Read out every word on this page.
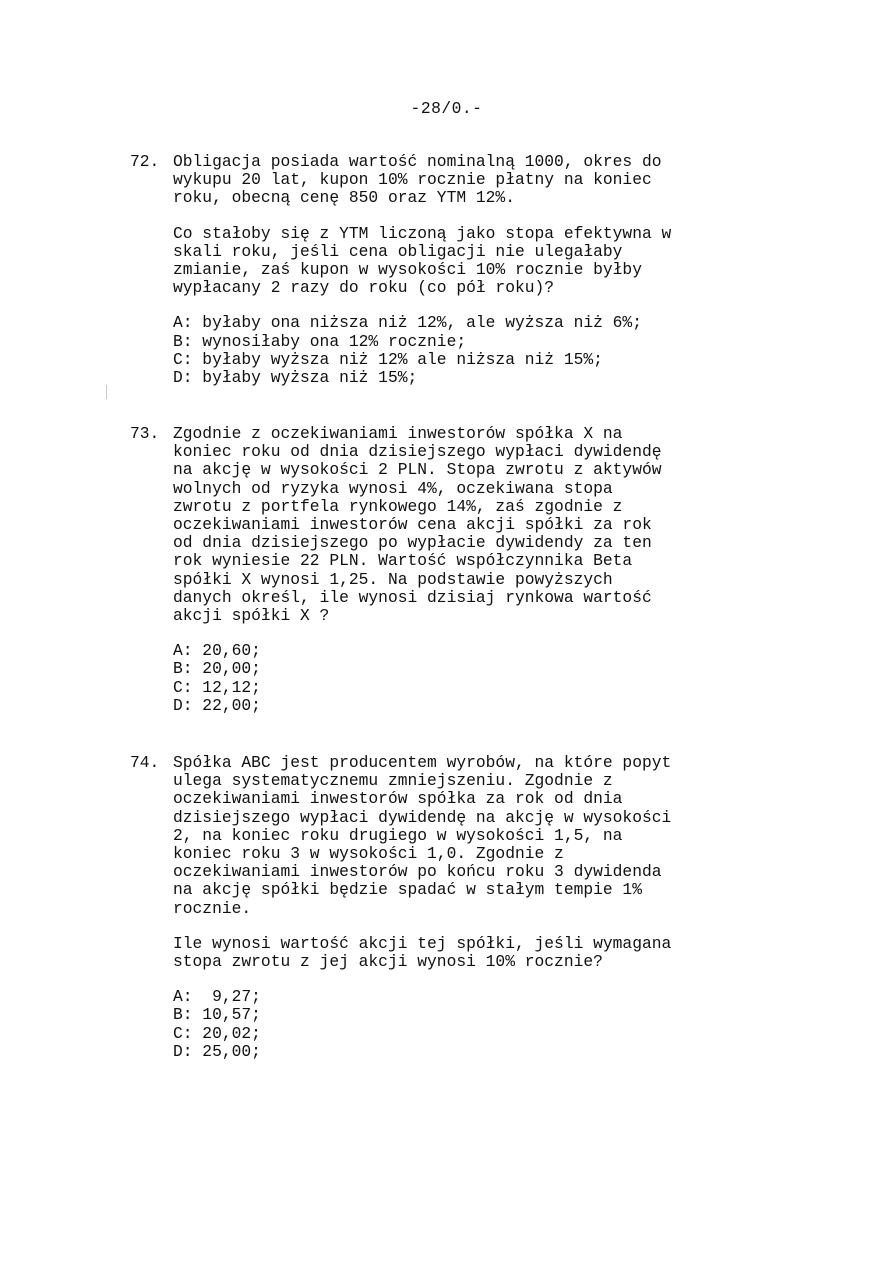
-28/0.-
72. Obligacja posiada wartość nominalną 1000, okres do
wykupu 20 lat, kupon 10% rocznie płatny na koniec
roku, obecną cenę 850 oraz YTM 12%.

Co stałoby się z YTM liczoną jako stopa efektywna w
skali roku, jeśli cena obligacji nie ulegałaby
zmianie, zaś kupon w wysokości 10% rocznie byłby
wypłacany 2 razy do roku (co pół roku)?

A: byłaby ona niższa niż 12%, ale wyższa niż 6%;
B: wynosiłaby ona 12% rocznie;
C: byłaby wyższa niż 12% ale niższa niż 15%;
D: byłaby wyższa niż 15%;
73. Zgodnie z oczekiwaniami inwestorów spółka X na
koniec roku od dnia dzisiejszego wypłaci dywidendę
na akcję w wysokości 2 PLN. Stopa zwrotu z aktywów
wolnych od ryzyka wynosi 4%, oczekiwana stopa
zwrotu z portfela rynkowego 14%, zaś zgodnie z
oczekiwaniami inwestorów cena akcji spółki za rok
od dnia dzisiejszego po wypłacie dywidendy za ten
rok wyniesie 22 PLN. Wartość współczynnika Beta
spółki X wynosi 1,25. Na podstawie powyższych
danych określ, ile wynosi dzisiaj rynkowa wartość
akcji spółki X ?

A: 20,60;
B: 20,00;
C: 12,12;
D: 22,00;
74. Spółka ABC jest producentem wyrobów, na które popyt
ulega systematycznemu zmniejszeniu. Zgodnie z
oczekiwaniami inwestorów spółka za rok od dnia
dzisiejszego wypłaci dywidendę na akcję w wysokości
2, na koniec roku drugiego w wysokości 1,5, na
koniec roku 3 w wysokości 1,0. Zgodnie z
oczekiwaniami inwestorów po końcu roku 3 dywidenda
na akcję spółki będzie spadać w stałym tempie 1%
rocznie.

Ile wynosi wartość akcji tej spółki, jeśli wymagana
stopa zwrotu z jej akcji wynosi 10% rocznie?

A:  9,27;
B: 10,57;
C: 20,02;
D: 25,00;
